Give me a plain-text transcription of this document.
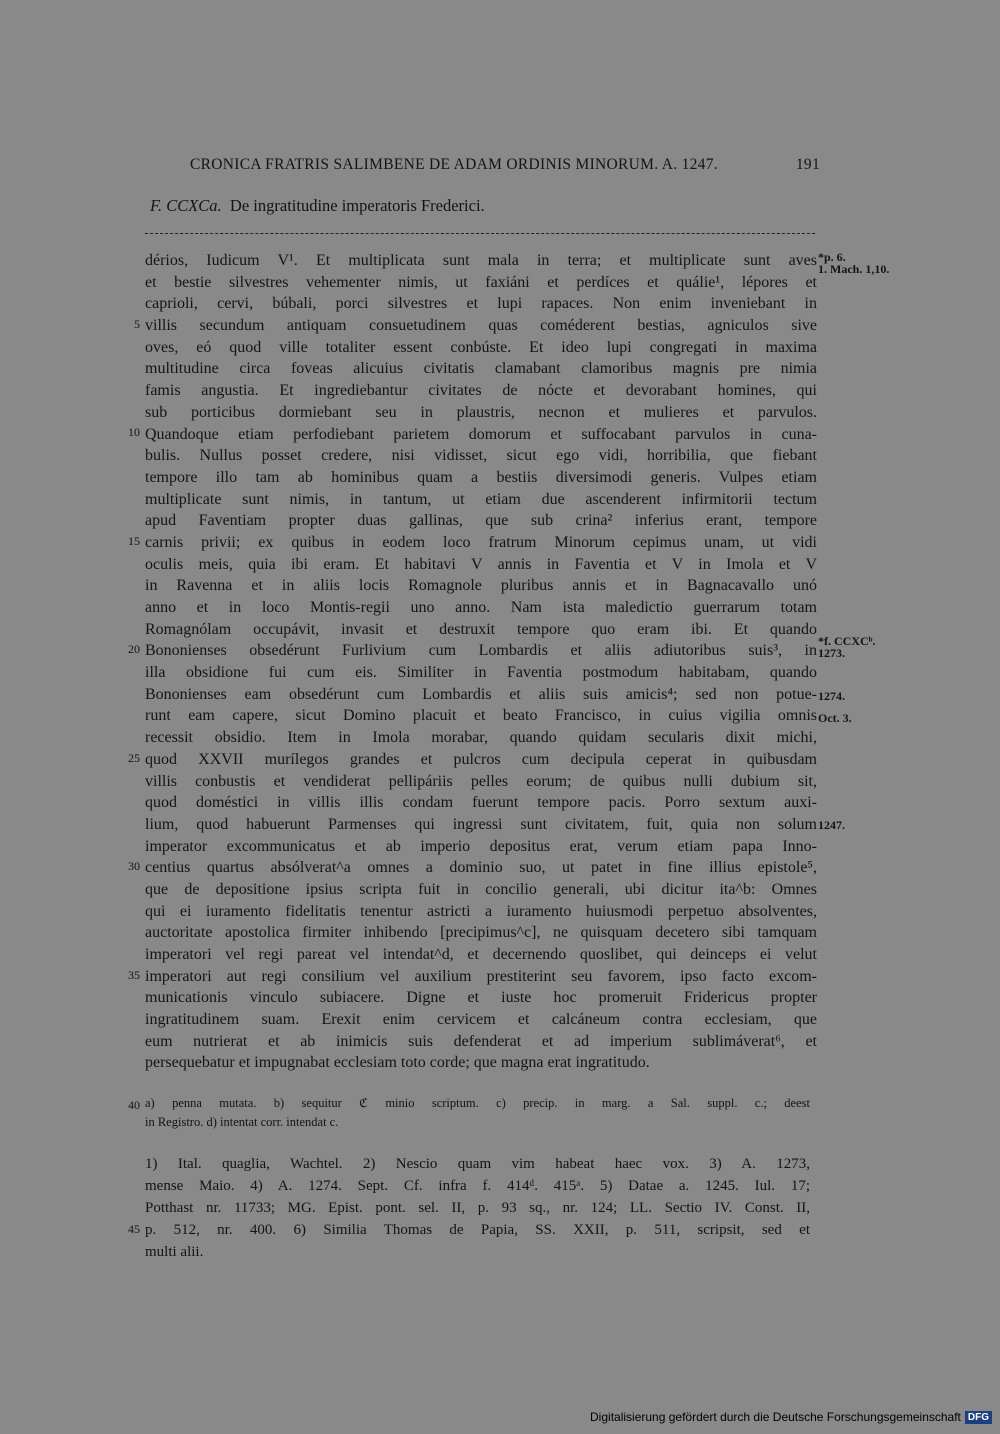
CRONICA FRATRIS SALIMBENE DE ADAM ORDINIS MINORUM. A. 1247.	191
F. CCXCa. De ingratitudine imperatoris Frederici.
dérios, Iudicum V¹. Et multiplicata sunt mala in terra; et multiplicate sunt aves
et bestie silvestres vehementer nimis, ut faxiáni et perdíces et quálie¹, lépores et
caprioli, cervi, búbali, porci silvestres et lupi rapaces. Non enim inveniebant in
villis secundum antiquam consuetudinem quas coméderent bestias, agniculos sive
oves, eó quod ville totaliter essent conbúste. Et ideo lupi congregati in maxima
multitudine circa foveas alicuius civitatis clamabant clamoribus magnis pre nimia
famis angustia. Et ingrediebantur civitates de nócte et devorabant homines, qui
sub porticibus dormiebant seu in plaustris, necnon et mulieres et parvulos.
Quandoque etiam perfodiebant parietem domorum et suffocabant parvulos in cuna-
bulis. Nullus posset credere, nisi vidisset, sicut ego vidi, horribilia, que fiebant
tempore illo tam ab hominibus quam a bestiis diversimodi generis. Vulpes etiam
multiplicate sunt nimis, in tantum, ut etiam due ascenderent infirmitorii tectum
apud Faventiam propter duas gallinas, que sub crina² inferius erant, tempore
carnis privii; ex quibus in eodem loco fratrum Minorum cepimus unam, ut vidi
oculis meis, quia ibi eram. Et habitavi V annis in Faventia et V in Imola et V
in Ravenna et in aliis locis Romagnole pluribus annis et in Bagnacavallo unó
anno et in loco Montis-regii uno anno. Nam ista maledictio guerrarum totam
Romagnólam occupávit, invasit et destruxit tempore quo eram ibi. Et quando
Bononienses obsedérunt Furlivium cum Lombardis et aliis adiutoribus suis³, in
illa obsidione fui cum eis. Similiter in Faventia postmodum habitabam, quando
Bononienses eam obsedérunt cum Lombardis et aliis suis amicis⁴; sed non potue-
runt eam capere, sicut Domino placuit et beato Francisco, in cuius vigilia omnis
recessit obsidio. Item in Imola morabar, quando quidam secularis dixit michi,
quod XXVII murílegos grandes et pulcros cum decipula ceperat in quibusdam
villis conbustis et vendiderat pellipáriis pelles eorum; de quibus nulli dubium sit,
quod doméstici in villis illis condam fuerunt tempore pacis. Porro sextum auxi-
lium, quod habuerunt Parmenses qui ingressi sunt civitatem, fuit, quia non solum
imperator excommunicatus et ab imperio depositus erat, verum etiam papa Inno-
centius quartus absólverat^a omnes a dominio suo, ut patet in fine illius epistole⁵,
que de depositione ipsius scripta fuit in concilio generali, ubi dicitur ita^b: Omnes
qui ei iuramento fidelitatis tenentur astricti a iuramento huiusmodi perpetuo absolventes,
auctoritate apostolica firmiter inhibendo [precipimus^c], ne quisquam decetero sibi tamquam
imperatori vel regi pareat vel intendat^d, et decernendo quoslibet, qui deinceps ei velut
imperatori aut regi consilium vel auxilium prestiterint seu favorem, ipso facto excom-
municationis vinculo subiacere. Digne et iuste hoc promeruit Fridericus propter
ingratitudinem suam. Erexit enim cervicem et calcáneum contra ecclesiam, que
eum nutrierat et ab inimicis suis defenderat et ad imperium sublimáverat⁶, et
persequebatur et impugnabat ecclesiam toto corde; que magna erat ingratitudo.
5
10
15
20
25
30
35
*p. 6.
1. Mach. 1,10.
*f. CCXCᵇ.
1273.
1274.
Oct. 3.
1247.
40 a) penna mutata. b) sequitur ℭ minio scriptum. c) precip. in marg. a Sal. suppl. c.; deest
in Registro. d) intentat corr. intendat c.
45
1) Ital. quaglia, Wachtel. 2) Nescio quam vim habeat haec vox. 3) A. 1273,
mense Maio. 4) A. 1274. Sept. Cf. infra f. 414ᵈ. 415ᵃ. 5) Datae a. 1245. Iul. 17;
Potthast nr. 11733; MG. Epist. pont. sel. II, p. 93 sq., nr. 124; LL. Sectio IV. Const. II,
p. 512, nr. 400. 6) Similia Thomas de Papia, SS. XXII, p. 511, scripsit, sed et
multi alii.
Digitalisierung gefördert durch die Deutsche Forschungsgemeinschaft DFG
